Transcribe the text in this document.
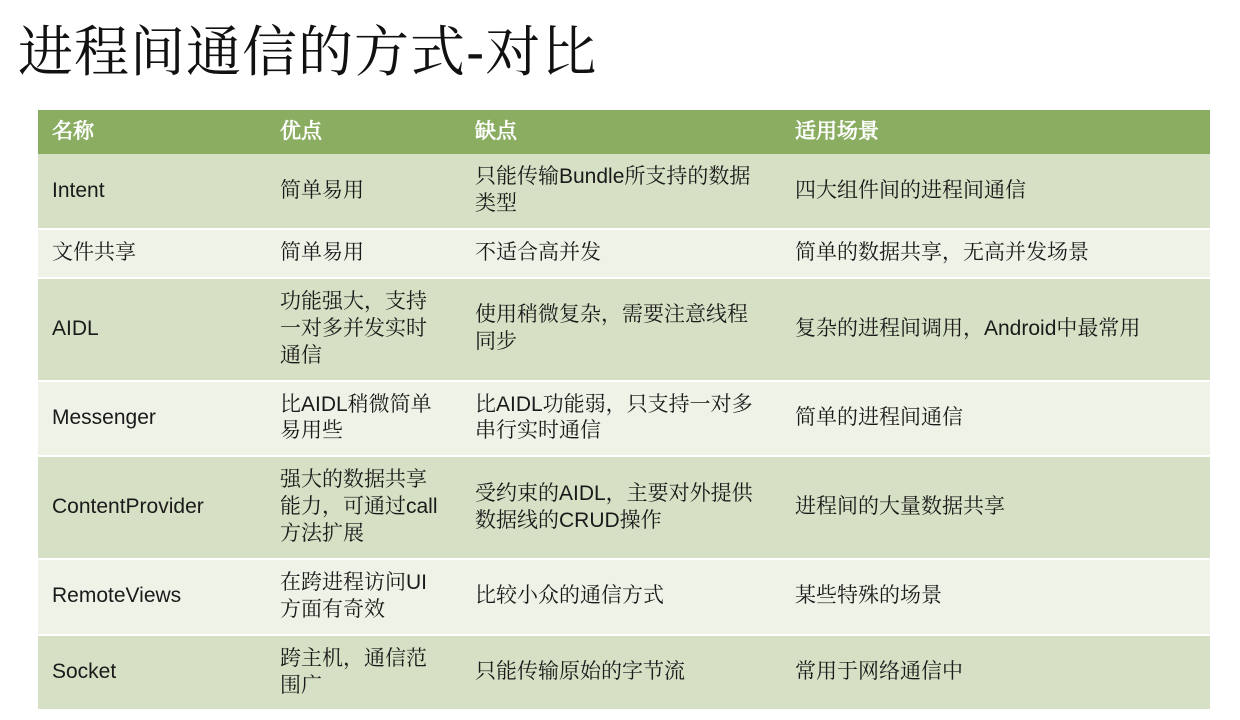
进程间通信的方式-对比
名称	优点	缺点	适用场景
Intent	简单易用	只能传输Bundle所支持的数据类型	四大组件间的进程间通信
文件共享	简单易用	不适合高并发	简单的数据共享，无高并发场景
AIDL	功能强大，支持一对多并发实时通信	使用稍微复杂，需要注意线程同步	复杂的进程间调用，Android中最常用
Messenger	比AIDL稍微简单易用些	比AIDL功能弱，只支持一对多串行实时通信	简单的进程间通信
ContentProvider	强大的数据共享能力，可通过call方法扩展	受约束的AIDL，主要对外提供数据线的CRUD操作	进程间的大量数据共享
RemoteViews	在跨进程访问UI方面有奇效	比较小众的通信方式	某些特殊的场景
Socket	跨主机，通信范围广	只能传输原始的字节流	常用于网络通信中
